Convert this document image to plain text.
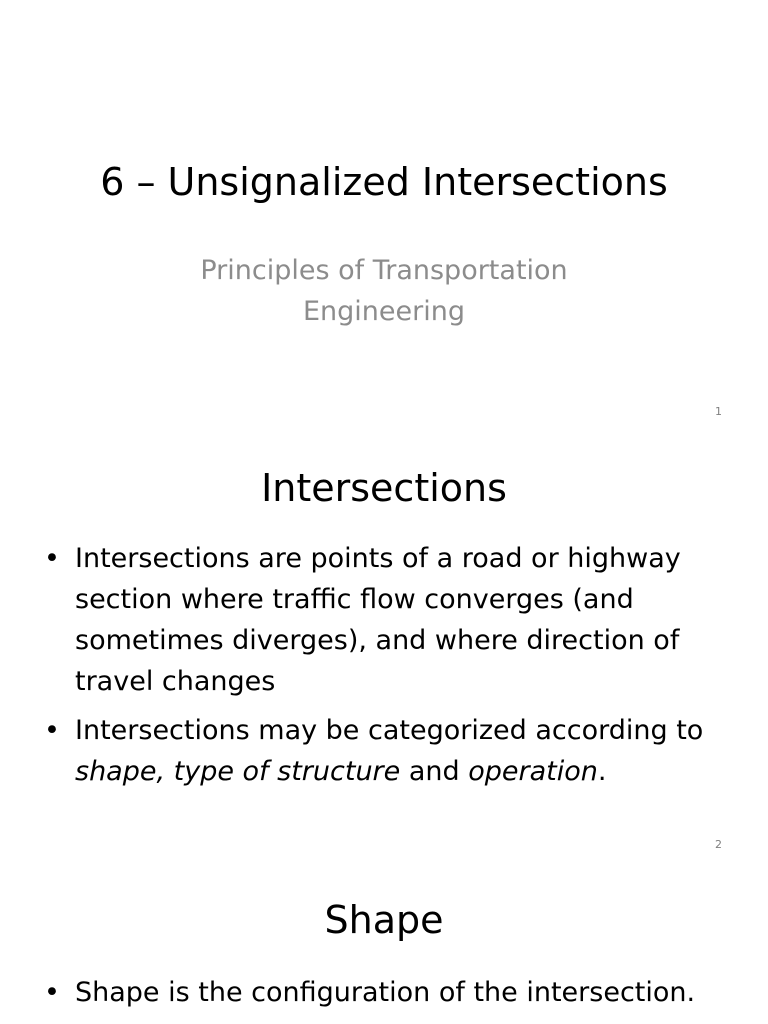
6 – Unsignalized Intersections

Principles of Transportation
Engineering

1

Intersections
• Intersections are points of a road or highway section where traffic flow converges (and sometimes diverges), and where direction of travel changes
• Intersections may be categorized according to shape, type of structure and operation.

2

Shape
• Shape is the configuration of the intersection.
